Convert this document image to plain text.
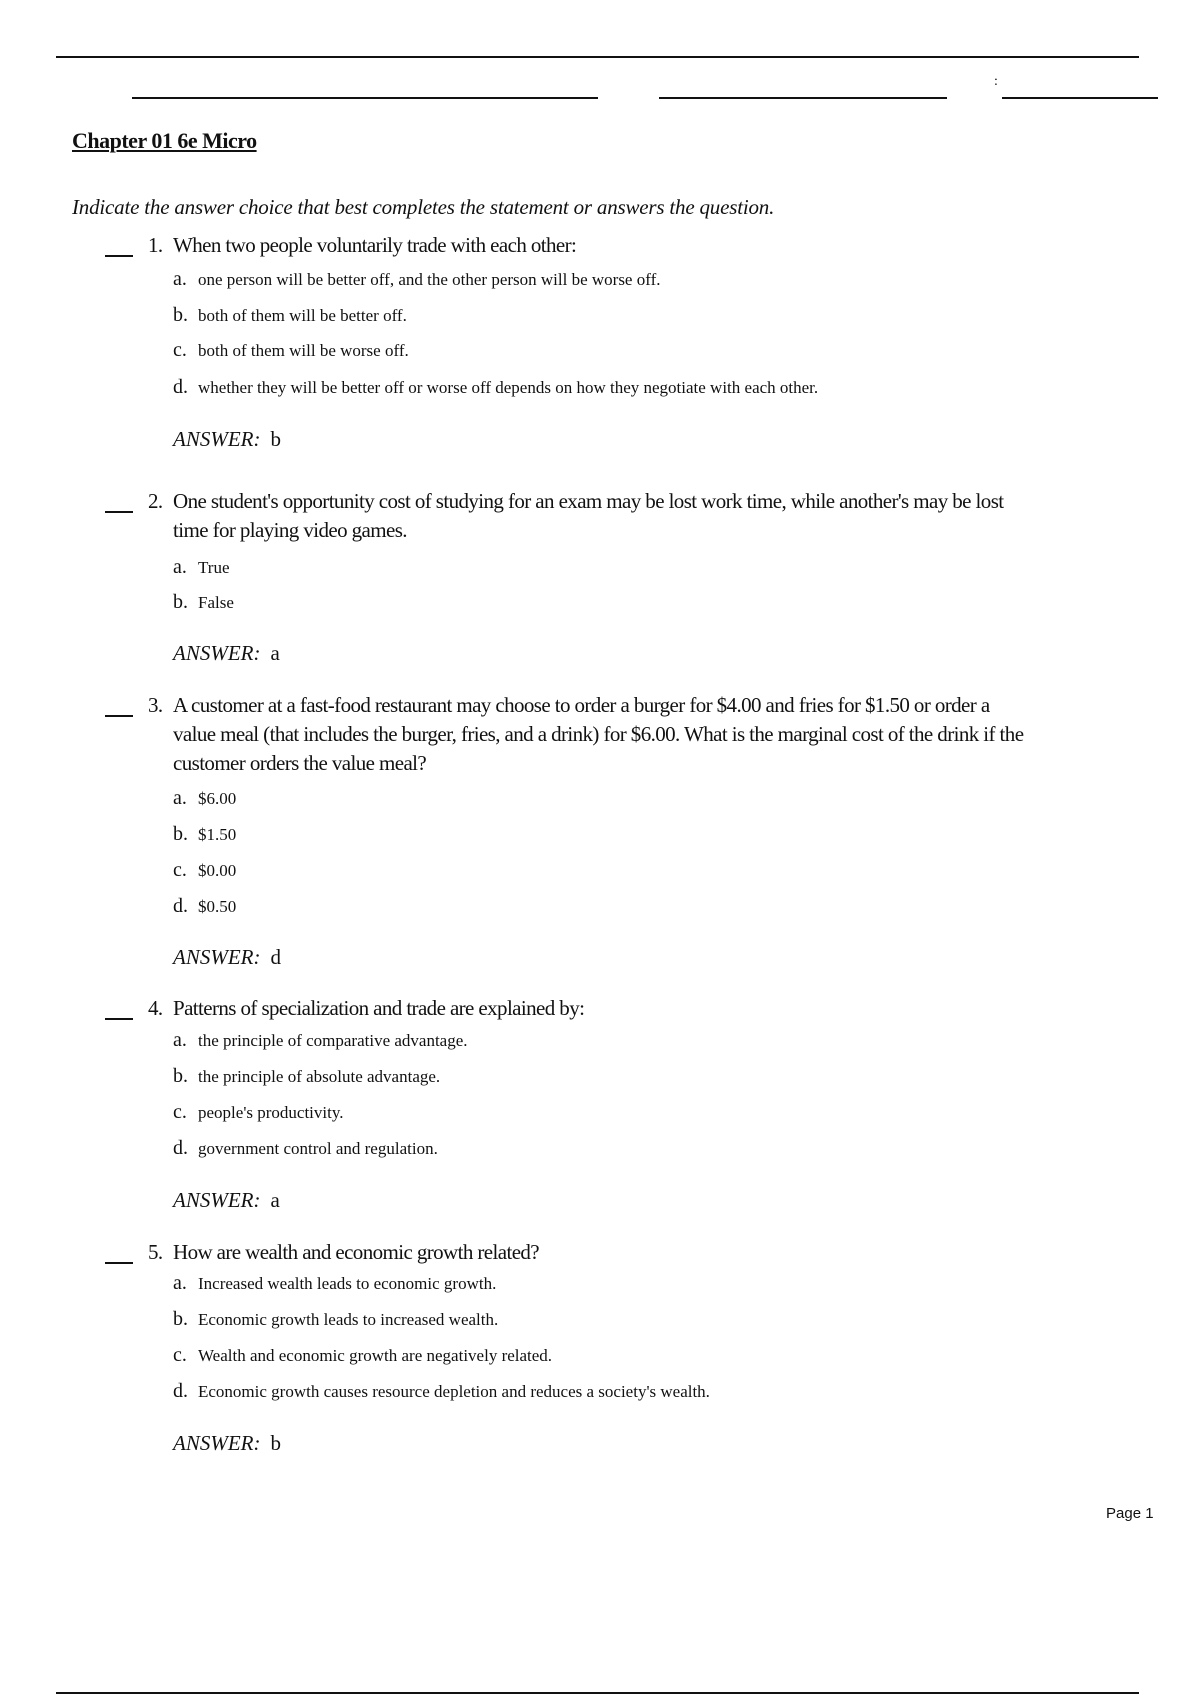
:
Chapter 01 6e Micro
Indicate the answer choice that best completes the statement or answers the question.
1. When two people voluntarily trade with each other:
a. one person will be better off, and the other person will be worse off.
b. both of them will be better off.
c. both of them will be worse off.
d. whether they will be better off or worse off depends on how they negotiate with each other.
ANSWER: b
2. One student's opportunity cost of studying for an exam may be lost work time, while another's may be lost
time for playing video games.
a. True
b. False
ANSWER: a
3. A customer at a fast-food restaurant may choose to order a burger for $4.00 and fries for $1.50 or order a
value meal (that includes the burger, fries, and a drink) for $6.00. What is the marginal cost of the drink if the
customer orders the value meal?
a. $6.00
b. $1.50
c. $0.00
d. $0.50
ANSWER: d
4. Patterns of specialization and trade are explained by:
a. the principle of comparative advantage.
b. the principle of absolute advantage.
c. people's productivity.
d. government control and regulation.
ANSWER: a
5. How are wealth and economic growth related?
a. Increased wealth leads to economic growth.
b. Economic growth leads to increased wealth.
c. Wealth and economic growth are negatively related.
d. Economic growth causes resource depletion and reduces a society's wealth.
ANSWER: b
Page 1
